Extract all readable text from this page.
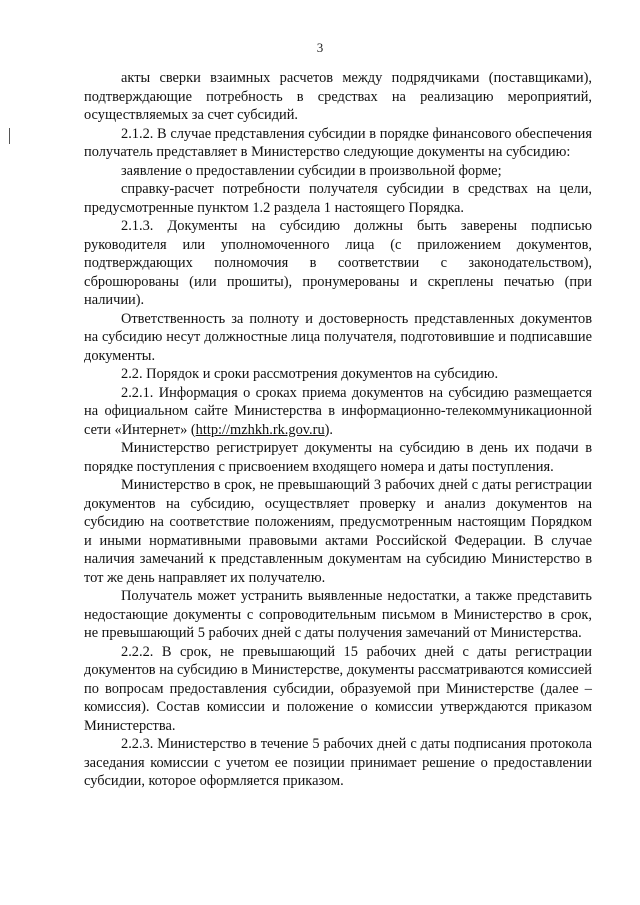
3

акты сверки взаимных расчетов между подрядчиками (поставщиками), подтверждающие потребность в средствах на реализацию мероприятий, осуществляемых за счет субсидий.

2.1.2. В случае представления субсидии в порядке финансового обеспечения получатель представляет в Министерство следующие документы на субсидию:

заявление о предоставлении субсидии в произвольной форме;

справку-расчет потребности получателя субсидии в средствах на цели, предусмотренные пунктом 1.2 раздела 1 настоящего Порядка.

2.1.3. Документы на субсидию должны быть заверены подписью руководителя или уполномоченного лица (с приложением документов, подтверждающих полномочия в соответствии с законодательством), сброшюрованы (или прошиты), пронумерованы и скреплены печатью (при наличии).

Ответственность за полноту и достоверность представленных документов на субсидию несут должностные лица получателя, подготовившие и подписавшие документы.

2.2. Порядок и сроки рассмотрения документов на субсидию.

2.2.1. Информация о сроках приема документов на субсидию размещается на официальном сайте Министерства в информационно-телекоммуникационной сети «Интернет» (http://mzhkh.rk.gov.ru).

Министерство регистрирует документы на субсидию в день их подачи в порядке поступления с присвоением входящего номера и даты поступления.

Министерство в срок, не превышающий 3 рабочих дней с даты регистрации документов на субсидию, осуществляет проверку и анализ документов на субсидию на соответствие положениям, предусмотренным настоящим Порядком и иными нормативными правовыми актами Российской Федерации. В случае наличия замечаний к представленным документам на субсидию Министерство в тот же день направляет их получателю.

Получатель может устранить выявленные недостатки, а также представить недостающие документы с сопроводительным письмом в Министерство в срок, не превышающий 5 рабочих дней с даты получения замечаний от Министерства.

2.2.2. В срок, не превышающий 15 рабочих дней с даты регистрации документов на субсидию в Министерстве, документы рассматриваются комиссией по вопросам предоставления субсидии, образуемой при Министерстве (далее – комиссия). Состав комиссии и положение о комиссии утверждаются приказом Министерства.

2.2.3. Министерство в течение 5 рабочих дней с даты подписания протокола заседания комиссии с учетом ее позиции принимает решение о предоставлении субсидии, которое оформляется приказом.
